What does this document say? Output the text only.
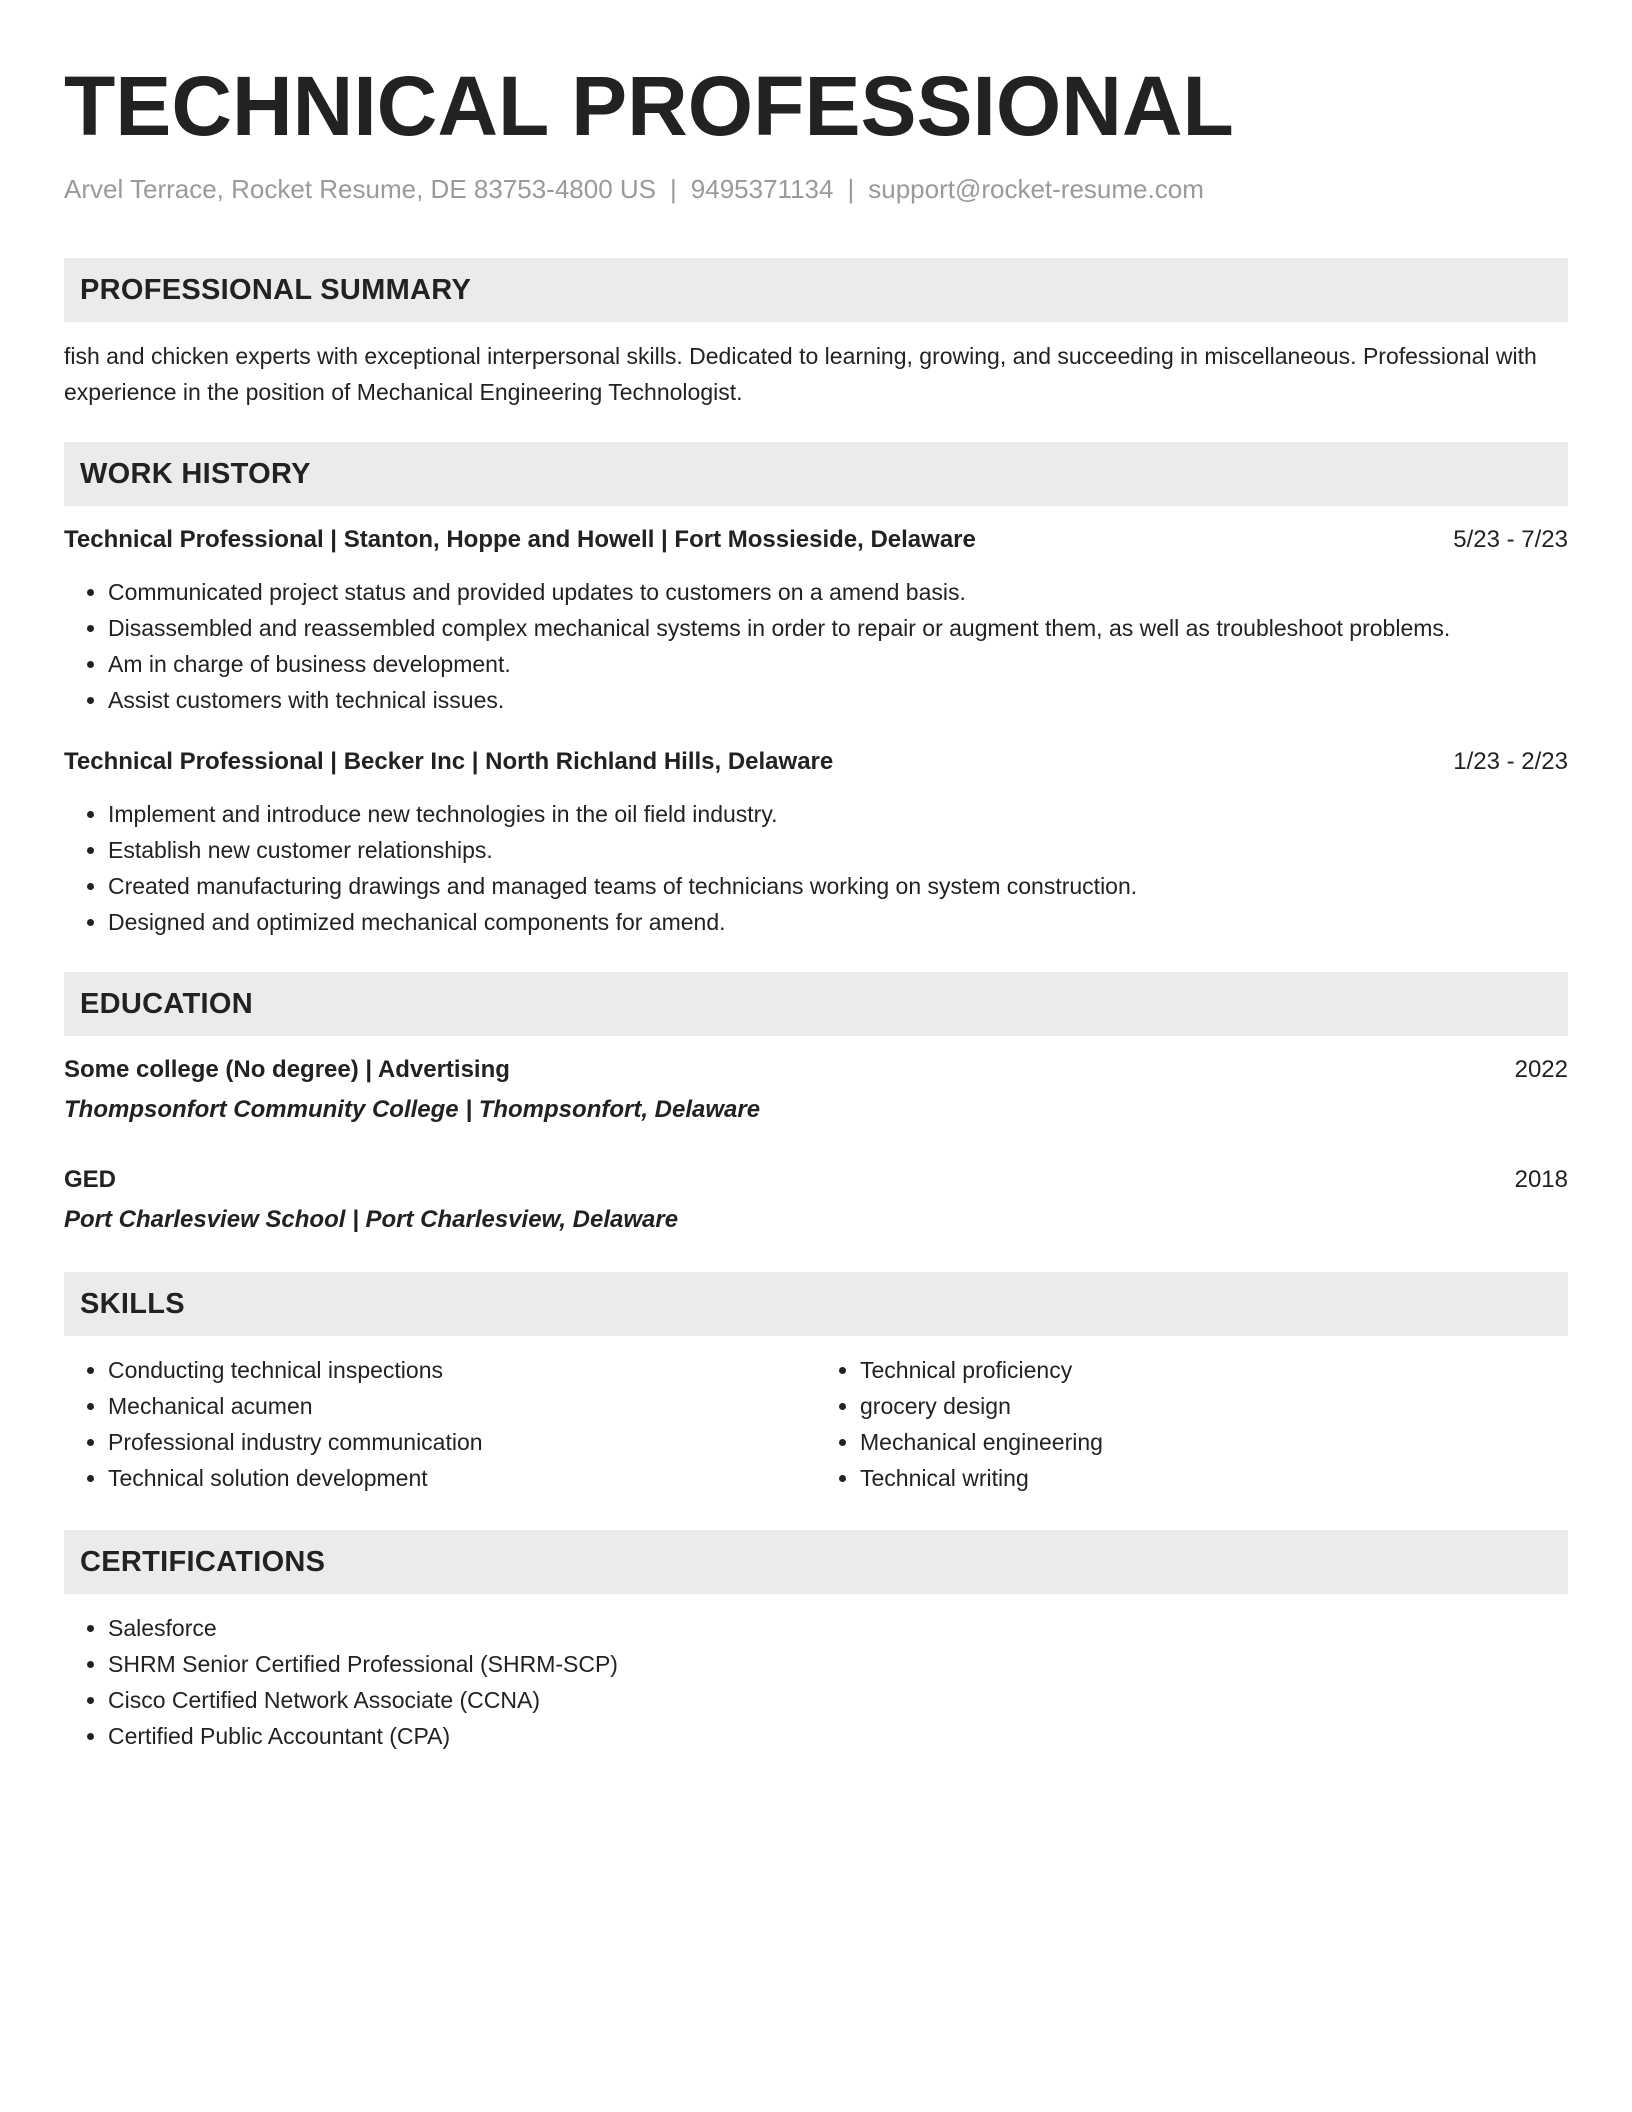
TECHNICAL PROFESSIONAL
Arvel Terrace, Rocket Resume, DE 83753-4800 US | 9495371134 | support@rocket-resume.com
PROFESSIONAL SUMMARY
fish and chicken experts with exceptional interpersonal skills. Dedicated to learning, growing, and succeeding in miscellaneous. Professional with experience in the position of Mechanical Engineering Technologist.
WORK HISTORY
Technical Professional | Stanton, Hoppe and Howell | Fort Mossieside, Delaware	5/23 - 7/23
• Communicated project status and provided updates to customers on a amend basis.
• Disassembled and reassembled complex mechanical systems in order to repair or augment them, as well as troubleshoot problems.
• Am in charge of business development.
• Assist customers with technical issues.
Technical Professional | Becker Inc | North Richland Hills, Delaware	1/23 - 2/23
• Implement and introduce new technologies in the oil field industry.
• Establish new customer relationships.
• Created manufacturing drawings and managed teams of technicians working on system construction.
• Designed and optimized mechanical components for amend.
EDUCATION
Some college (No degree) | Advertising	2022
Thompsonfort Community College | Thompsonfort, Delaware
GED	2018
Port Charlesview School | Port Charlesview, Delaware
SKILLS
• Conducting technical inspections
• Mechanical acumen
• Professional industry communication
• Technical solution development
• Technical proficiency
• grocery design
• Mechanical engineering
• Technical writing
CERTIFICATIONS
• Salesforce
• SHRM Senior Certified Professional (SHRM-SCP)
• Cisco Certified Network Associate (CCNA)
• Certified Public Accountant (CPA)
